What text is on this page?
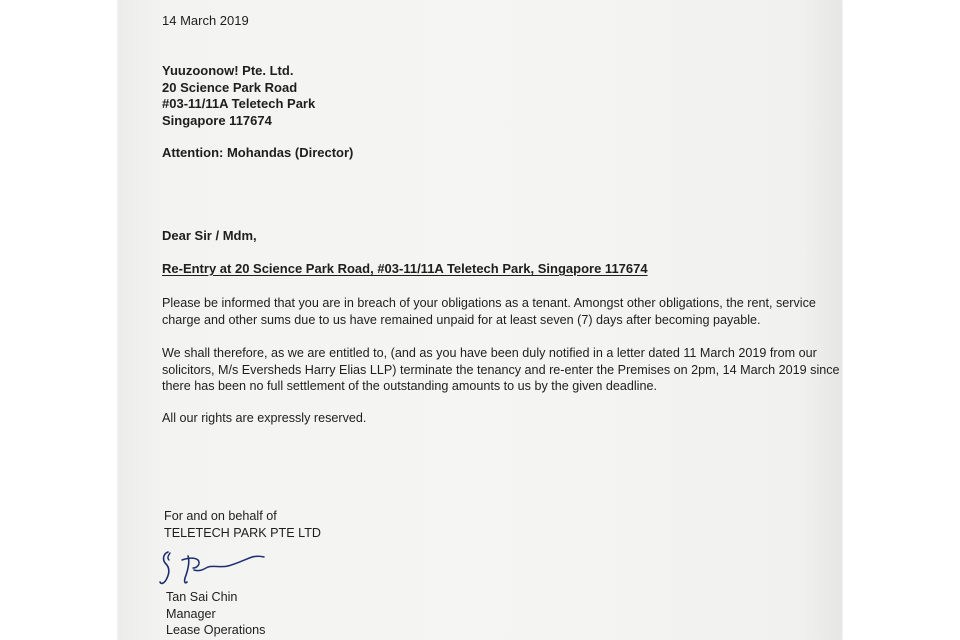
14 March 2019
Yuuzoonow! Pte. Ltd.
20 Science Park Road
#03-11/11A Teletech Park
Singapore 117674
Attention: Mohandas (Director)
Dear Sir / Mdm,
Re-Entry at 20 Science Park Road, #03-11/11A Teletech Park, Singapore 117674
Please be informed that you are in breach of your obligations as a tenant. Amongst other obligations, the rent, service
charge and other sums due to us have remained unpaid for at least seven (7) days after becoming payable.
We shall therefore, as we are entitled to, (and as you have been duly notified in a letter dated 11 March 2019 from our
solicitors, M/s Eversheds Harry Elias LLP) terminate the tenancy and re-enter the Premises on 2pm, 14 March 2019 since
there has been no full settlement of the outstanding amounts to us by the given deadline.
All our rights are expressly reserved.
For and on behalf of
TELETECH PARK PTE LTD
Tan Sai Chin
Manager
Lease Operations
